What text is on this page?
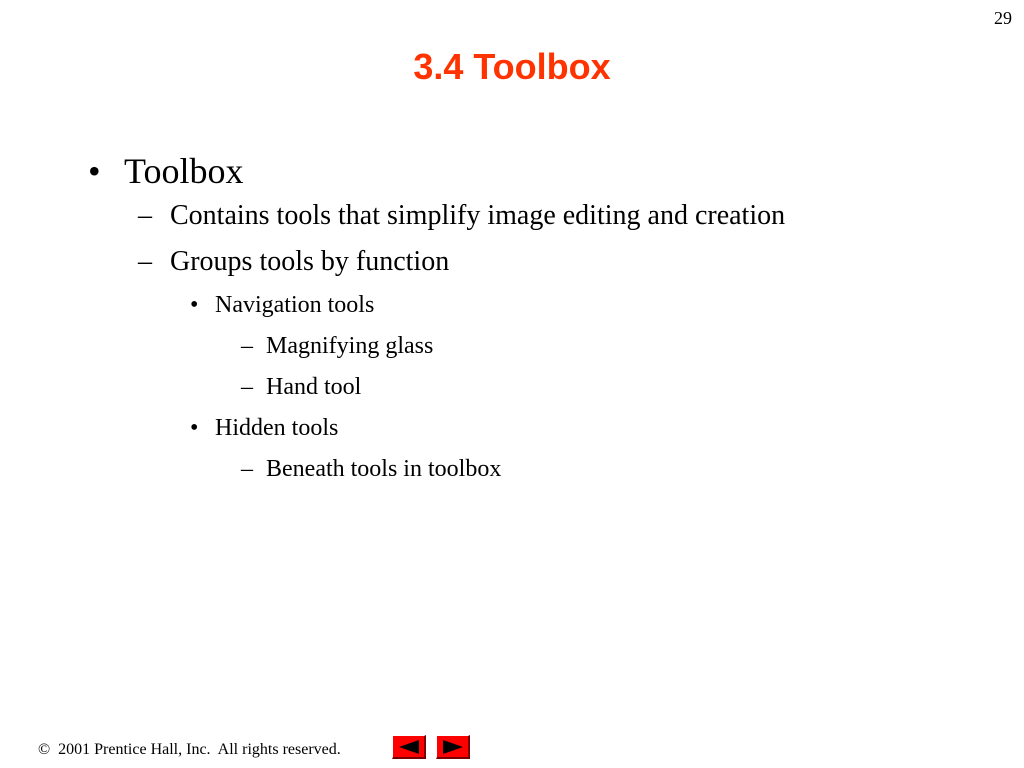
29
3.4 Toolbox
• Toolbox
– Contains tools that simplify image editing and creation
– Groups tools by function
• Navigation tools
– Magnifying glass
– Hand tool
• Hidden tools
– Beneath tools in toolbox
©  2001 Prentice Hall, Inc.  All rights reserved.
